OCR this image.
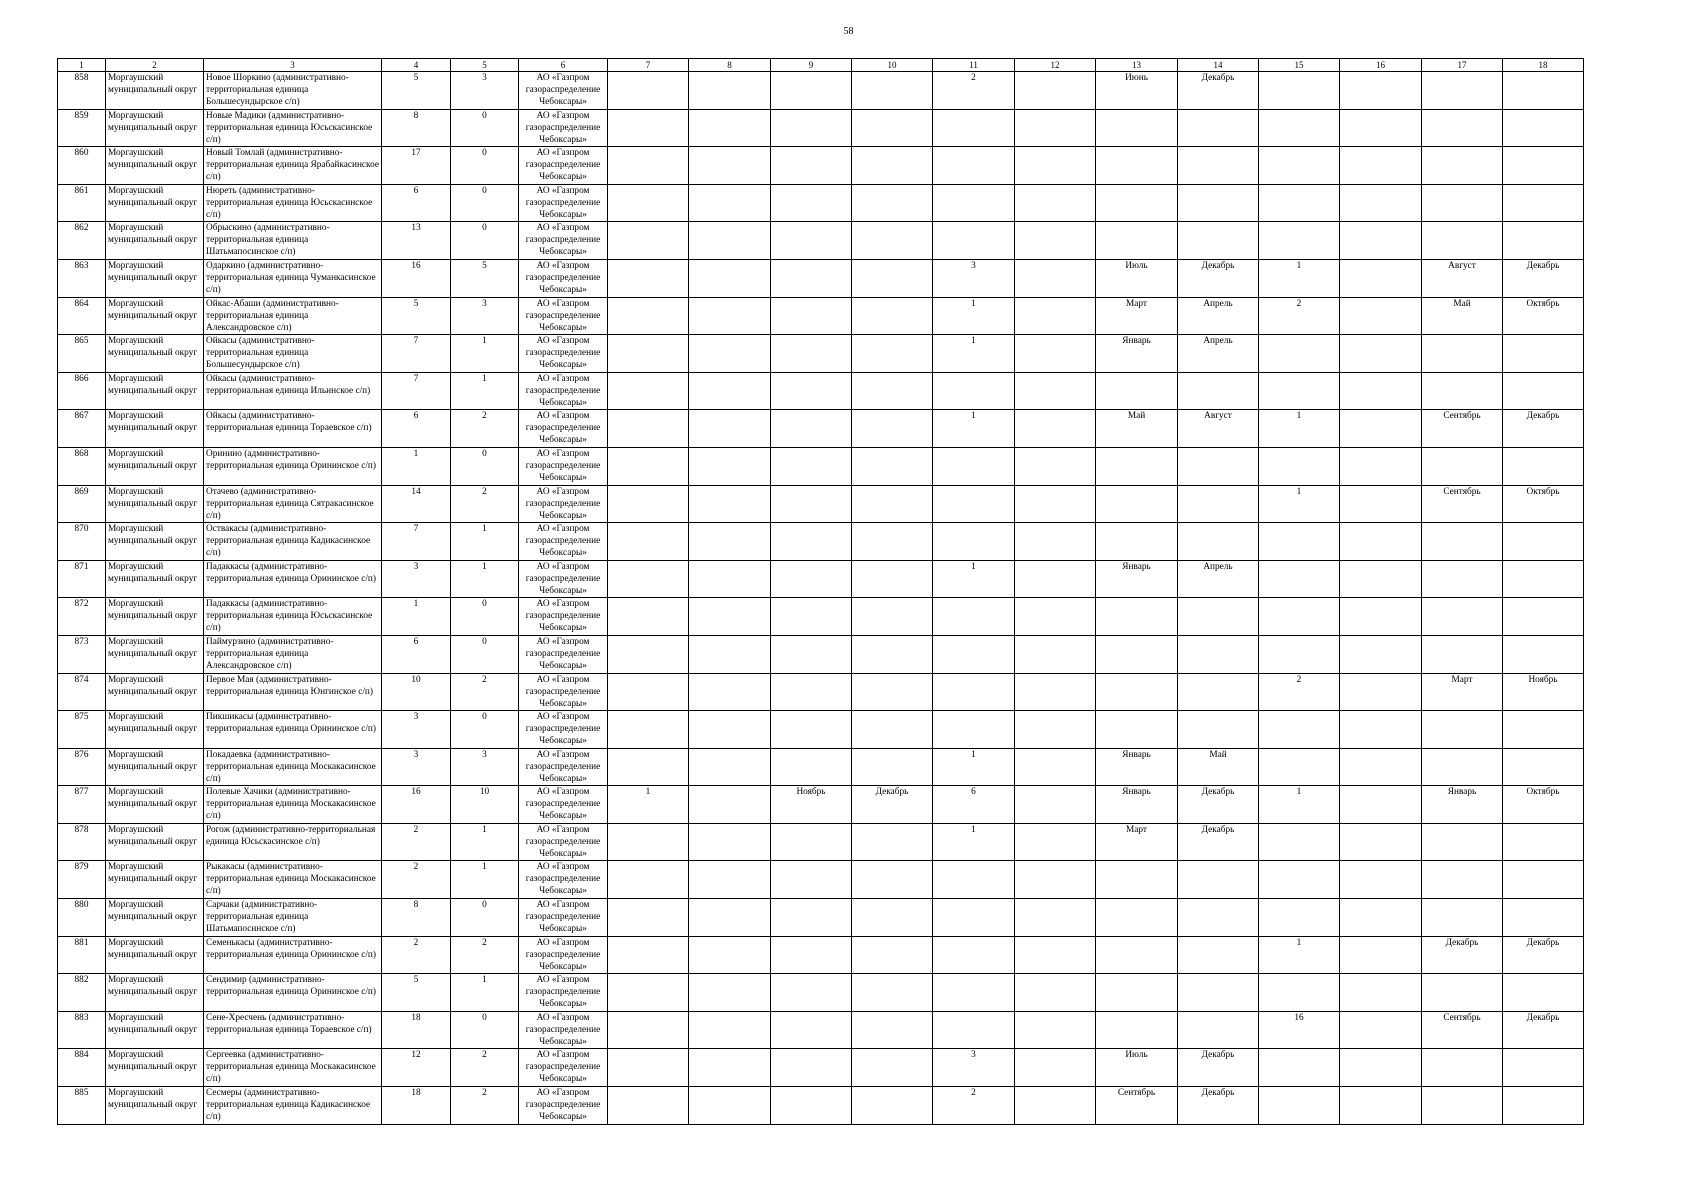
58
1	2	3	4	5	6	7	8	9	10	11	12	13	14	15	16	17	18
858	Моргаушский муниципальный округ	Новое Шоркино (административно-территориальная единица Большесундырское с/п)	5	3	АО «Газпром газораспределение Чебоксары»					2		Июнь	Декабрь				
859	Моргаушский муниципальный округ	Новые Мадики (административно-территориальная единица Юсьскасинское с/п)	8	0	АО «Газпром газораспределение Чебоксары»												
860	Моргаушский муниципальный округ	Новый Томлай (административно-территориальная единица Ярабайкасинское с/п)	17	0	АО «Газпром газораспределение Чебоксары»												
861	Моргаушский муниципальный округ	Нюреть (административно-территориальная единица Юсьскасинское с/п)	6	0	АО «Газпром газораспределение Чебоксары»												
862	Моргаушский муниципальный округ	Обрыскино (административно-территориальная единица Шатьмапосинское с/п)	13	0	АО «Газпром газораспределение Чебоксары»												
863	Моргаушский муниципальный округ	Одаркино (административно-территориальная единица Чуманкасинское с/п)	16	5	АО «Газпром газораспределение Чебоксары»					3		Июль	Декабрь	1		Август	Декабрь
864	Моргаушский муниципальный округ	Ойкас-Абаши (административно-территориальная единица Александровское с/п)	5	3	АО «Газпром газораспределение Чебоксары»					1		Март	Апрель	2		Май	Октябрь
865	Моргаушский муниципальный округ	Ойкасы (административно-территориальная единица Большесундырское с/п)	7	1	АО «Газпром газораспределение Чебоксары»					1		Январь	Апрель				
866	Моргаушский муниципальный округ	Ойкасы (административно-территориальная единица Ильинское с/п)	7	1	АО «Газпром газораспределение Чебоксары»												
867	Моргаушский муниципальный округ	Ойкасы (административно-территориальная единица Тораевское с/п)	6	2	АО «Газпром газораспределение Чебоксары»					1		Май	Август	1		Сентябрь	Декабрь
868	Моргаушский муниципальный округ	Оринино (административно-территориальная единица Орининское с/п)	1	0	АО «Газпром газораспределение Чебоксары»												
869	Моргаушский муниципальный округ	Отачево (административно-территориальная единица Сятракасинское с/п)	14	2	АО «Газпром газораспределение Чебоксары»									1		Сентябрь	Октябрь
870	Моргаушский муниципальный округ	Оствакасы (административно-территориальная единица Кадикасинское с/п)	7	1	АО «Газпром газораспределение Чебоксары»												
871	Моргаушский муниципальный округ	Падаккасы (административно-территориальная единица Орининское с/п)	3	1	АО «Газпром газораспределение Чебоксары»					1		Январь	Апрель				
872	Моргаушский муниципальный округ	Падаккасы (административно-территориальная единица Юсьскасинское с/п)	1	0	АО «Газпром газораспределение Чебоксары»												
873	Моргаушский муниципальный округ	Паймурзино (административно-территориальная единица Александровское с/п)	6	0	АО «Газпром газораспределение Чебоксары»												
874	Моргаушский муниципальный округ	Первое Мая (административно-территориальная единица Юнгинское с/п)	10	2	АО «Газпром газораспределение Чебоксары»									2		Март	Ноябрь
875	Моргаушский муниципальный округ	Пикшикасы (административно-территориальная единица Орининское с/п)	3	0	АО «Газпром газораспределение Чебоксары»												
876	Моргаушский муниципальный округ	Покадаевка (административно-территориальная единица Москакасинское с/п)	3	3	АО «Газпром газораспределение Чебоксары»					1		Январь	Май				
877	Моргаушский муниципальный округ	Полевые Хачики (административно-территориальная единица Москакасинское с/п)	16	10	АО «Газпром газораспределение Чебоксары»	1		Ноябрь	Декабрь	6		Январь	Декабрь	1		Январь	Октябрь
878	Моргаушский муниципальный округ	Рогож (административно-территориальная единица Юсьскасинское с/п)	2	1	АО «Газпром газораспределение Чебоксары»					1		Март	Декабрь				
879	Моргаушский муниципальный округ	Рыкакасы (административно-территориальная единица Москакасинское с/п)	2	1	АО «Газпром газораспределение Чебоксары»												
880	Моргаушский муниципальный округ	Сарчаки (административно-территориальная единица Шатьмапосинское с/п)	8	0	АО «Газпром газораспределение Чебоксары»												
881	Моргаушский муниципальный округ	Семенькасы (административно-территориальная единица Орининское с/п)	2	2	АО «Газпром газораспределение Чебоксары»									1		Декабрь	Декабрь
882	Моргаушский муниципальный округ	Сендимир (административно-территориальная единица Орининское с/п)	5	1	АО «Газпром газораспределение Чебоксары»												
883	Моргаушский муниципальный округ	Сене-Хресчень (административно-территориальная единица Тораевское с/п)	18	0	АО «Газпром газораспределение Чебоксары»									16		Сентябрь	Декабрь
884	Моргаушский муниципальный округ	Сергеевка (административно-территориальная единица Москакасинское с/п)	12	2	АО «Газпром газораспределение Чебоксары»					3		Июль	Декабрь				
885	Моргаушский муниципальный округ	Сесмеры (административно-территориальная единица Кадикасинское с/п)	18	2	АО «Газпром газораспределение Чебоксары»					2		Сентябрь	Декабрь				
